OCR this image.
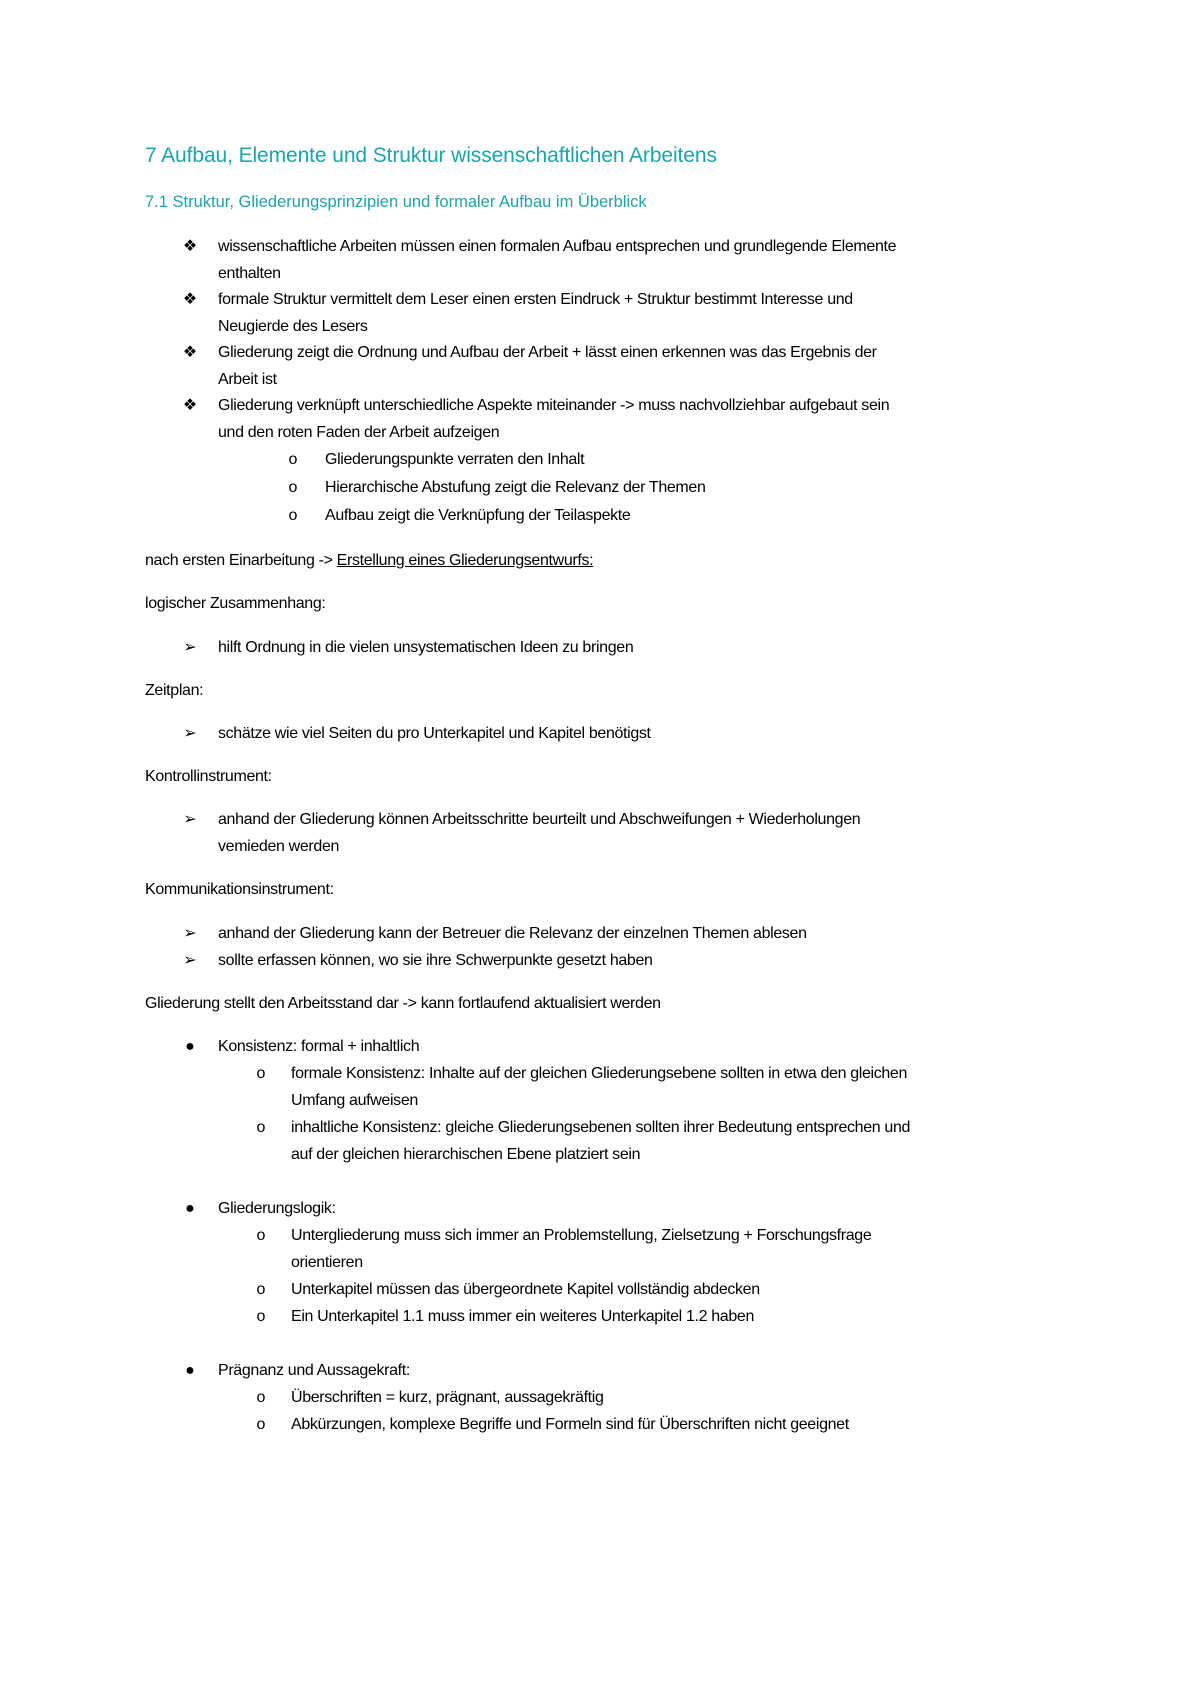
7 Aufbau, Elemente und Struktur wissenschaftlichen Arbeitens
7.1 Struktur, Gliederungsprinzipien und formaler Aufbau im Überblick
❖ wissenschaftliche Arbeiten müssen einen formalen Aufbau entsprechen und grundlegende Elemente
enthalten
❖ formale Struktur vermittelt dem Leser einen ersten Eindruck + Struktur bestimmt Interesse und
Neugierde des Lesers
❖ Gliederung zeigt die Ordnung und Aufbau der Arbeit + lässt einen erkennen was das Ergebnis der
Arbeit ist
❖ Gliederung verknüpft unterschiedliche Aspekte miteinander -> muss nachvollziehbar aufgebaut sein
und den roten Faden der Arbeit aufzeigen
o	Gliederungspunkte verraten den Inhalt
o	Hierarchische Abstufung zeigt die Relevanz der Themen
o	Aufbau zeigt die Verknüpfung der Teilaspekte
nach ersten Einarbeitung -> Erstellung eines Gliederungsentwurfs:
logischer Zusammenhang:
➢ hilft Ordnung in die vielen unsystematischen Ideen zu bringen
Zeitplan:
➢ schätze wie viel Seiten du pro Unterkapitel und Kapitel benötigst
Kontrollinstrument:
➢ anhand der Gliederung können Arbeitsschritte beurteilt und Abschweifungen + Wiederholungen
vemieden werden
Kommunikationsinstrument:
➢ anhand der Gliederung kann der Betreuer die Relevanz der einzelnen Themen ablesen
➢ sollte erfassen können, wo sie ihre Schwerpunkte gesetzt haben
Gliederung stellt den Arbeitsstand dar -> kann fortlaufend aktualisiert werden
●	Konsistenz: formal + inhaltlich
o	formale Konsistenz: Inhalte auf der gleichen Gliederungsebene sollten in etwa den gleichen
Umfang aufweisen
o	inhaltliche Konsistenz: gleiche Gliederungsebenen sollten ihrer Bedeutung entsprechen und
auf der gleichen hierarchischen Ebene platziert sein
●	Gliederungslogik:
o	Untergliederung muss sich immer an Problemstellung, Zielsetzung + Forschungsfrage
orientieren
o	Unterkapitel müssen das übergeordnete Kapitel vollständig abdecken
o	Ein Unterkapitel 1.1 muss immer ein weiteres Unterkapitel 1.2 haben
●	Prägnanz und Aussagekraft:
o	Überschriften = kurz, prägnant, aussagekräftig
o	Abkürzungen, komplexe Begriffe und Formeln sind für Überschriften nicht geeignet
